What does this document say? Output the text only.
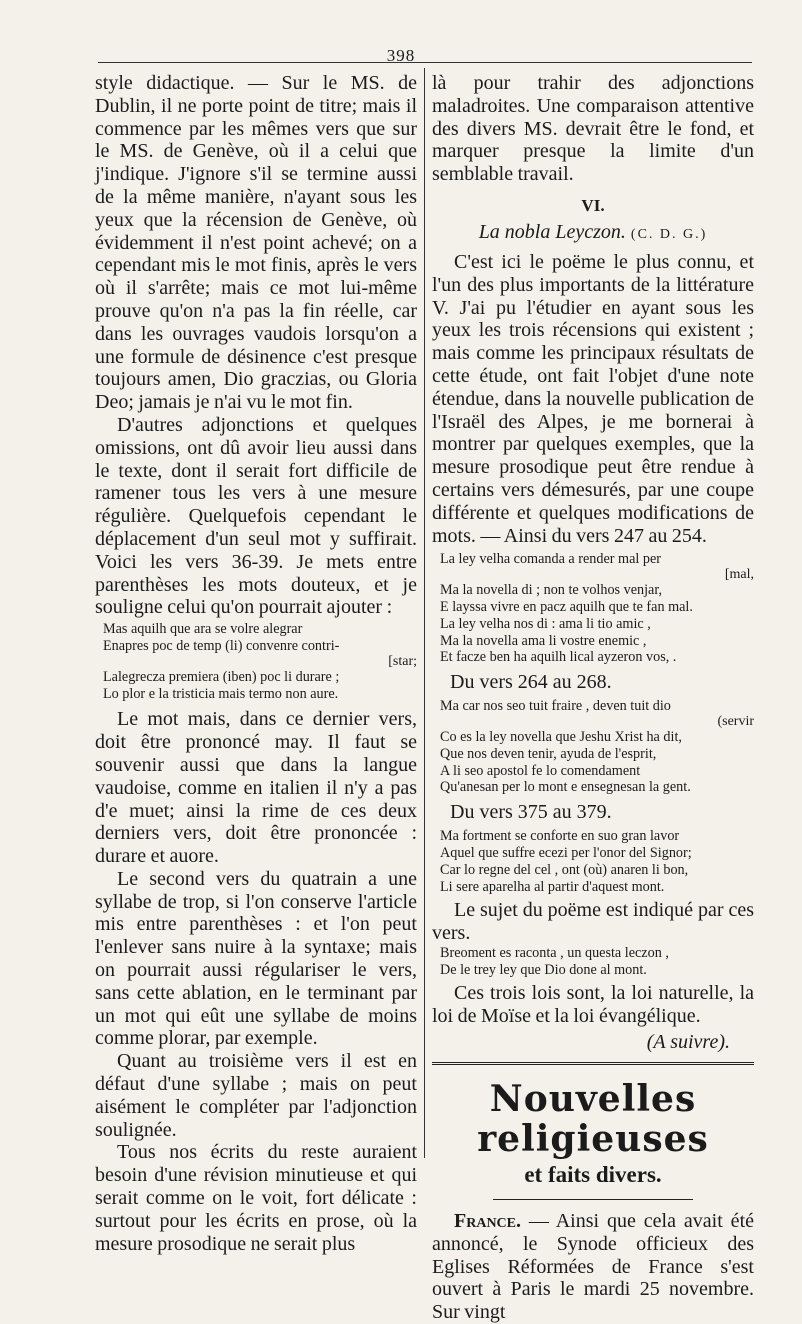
398

style didactique. — Sur le MS. de Dublin, il ne porte point de titre; mais il commence par les mêmes vers que sur le MS. de Genève, où il a celui que j'indique. J'ignore s'il se termine aussi de la même manière, n'ayant sous les yeux que la récension de Genève, où évidemment il n'est point achevé; on a cependant mis le mot finis, après le vers où il s'arrête; mais ce mot lui-même prouve qu'on n'a pas la fin réelle, car dans les ouvrages vaudois lorsqu'on a une formule de désinence c'est presque toujours amen, Dio graczias, ou Gloria Deo; jamais je n'ai vu le mot fin.

D'autres adjonctions et quelques omissions, ont dû avoir lieu aussi dans le texte, dont il serait fort difficile de ramener tous les vers à une mesure régulière. Quelquefois cependant le déplacement d'un seul mot y suffirait. Voici les vers 36-39. Je mets entre parenthèses les mots douteux, et je souligne celui qu'on pourrait ajouter :

Mas aquilh que ara se volre alegrar

Enapres poc de temp (li) convenre contri-

[star;

Lalegrecza premiera (iben) poc li durare ;

Lo plor e la tristicia mais termo non aure.

Le mot mais, dans ce dernier vers, doit être prononcé may. Il faut se souvenir aussi que dans la langue vaudoise, comme en italien il n'y a pas d'e muet; ainsi la rime de ces deux derniers vers, doit être prononcée : durare et auore.

Le second vers du quatrain a une syllabe de trop, si l'on conserve l'article mis entre parenthèses : et l'on peut l'enlever sans nuire à la syntaxe; mais on pourrait aussi régulariser le vers, sans cette ablation, en le terminant par un mot qui eût une syllabe de moins comme plorar, par exemple.

Quant au troisième vers il est en défaut d'une syllabe ; mais on peut aisément le compléter par l'adjonction soulignée.

Tous nos écrits du reste auraient besoin d'une révision minutieuse et qui serait comme on le voit, fort délicate : surtout pour les écrits en prose, où la mesure prosodique ne serait plus

là pour trahir des adjonctions maladroites. Une comparaison attentive des divers MS. devrait être le fond, et marquer presque la limite d'un semblable travail.

VI.
La nobla Leyczon. (C. D. G.)

C'est ici le poëme le plus connu, et l'un des plus importants de la littérature V. J'ai pu l'étudier en ayant sous les yeux les trois récensions qui existent ; mais comme les principaux résultats de cette étude, ont fait l'objet d'une note étendue, dans la nouvelle publication de l'Israël des Alpes, je me bornerai à montrer par quelques exemples, que la mesure prosodique peut être rendue à certains vers démesurés, par une coupe différente et quelques modifications de mots. — Ainsi du vers 247 au 254.

La ley velha comanda a render mal per

[mal,

Ma la novella di ; non te volhos venjar,

E layssa vivre en pacz aquilh que te fan mal.

La ley velha nos di : ama li tio amic ,

Ma la novella ama li vostre enemic ,

Et facze ben ha aquilh lical ayzeron vos, .

Du vers 264 au 268.

Ma car nos seo tuit fraire , deven tuit dio

(servir

Co es la ley novella que Jeshu Xrist ha dit,

Que nos deven tenir, ayuda de l'esprit,

A li seo apostol fe lo comendament

Qu'anesan per lo mont e ensegnesan la gent.

Du vers 375 au 379.

Ma fortment se conforte en suo gran lavor

Aquel que suffre ecezi per l'onor del Signor;

Car lo regne del cel , ont (où) anaren li bon,

Li sere aparelha al partir d'aquest mont.

Le sujet du poëme est indiqué par ces vers.

Breoment es raconta , un questa leczon ,

De le trey ley que Dio done al mont.

Ces trois lois sont, la loi naturelle, la loi de Moïse et la loi évangélique.

(A suivre).
Nouvelles religieuses
et faits divers.

France. — Ainsi que cela avait été annoncé, le Synode officieux des Eglises Réformées de France s'est ouvert à Paris le mardi 25 novembre. Sur vingt
